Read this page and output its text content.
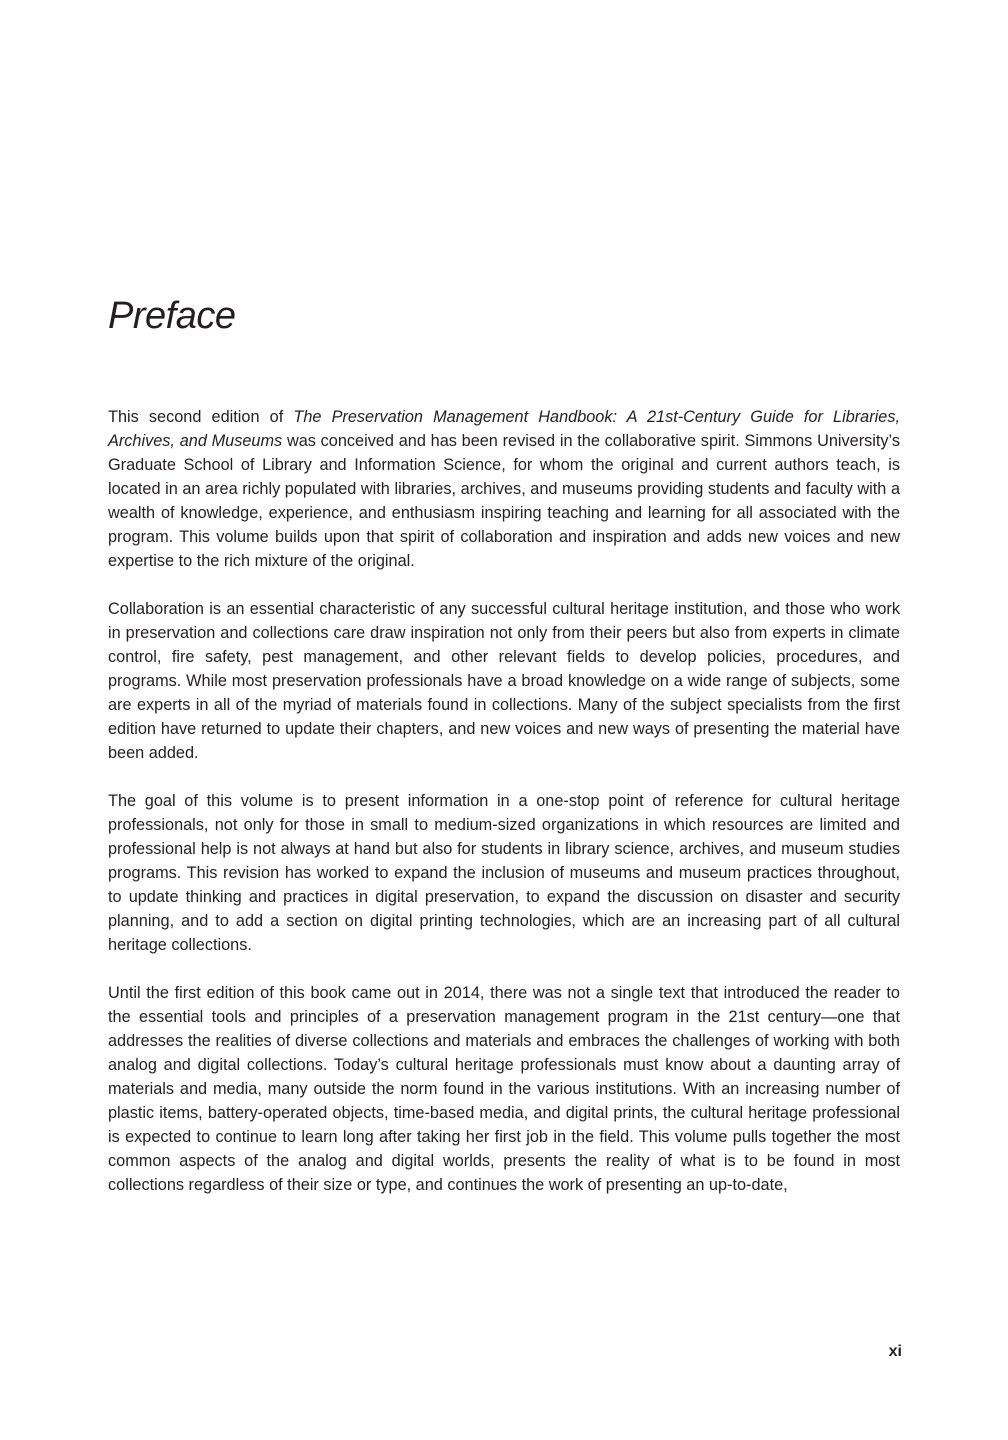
Preface

This second edition of The Preservation Management Handbook: A 21st-Century Guide for Libraries, Archives, and Museums was conceived and has been revised in the collaborative spirit. Simmons University’s Graduate School of Library and Information Science, for whom the original and current authors teach, is located in an area richly populated with libraries, archives, and museums providing students and faculty with a wealth of knowledge, experience, and enthusiasm inspiring teaching and learning for all associated with the program. This volume builds upon that spirit of collaboration and inspiration and adds new voices and new expertise to the rich mixture of the original.

Collaboration is an essential characteristic of any successful cultural heritage institution, and those who work in preservation and collections care draw inspiration not only from their peers but also from experts in climate control, fire safety, pest management, and other relevant fields to develop policies, procedures, and programs. While most preservation professionals have a broad knowledge on a wide range of subjects, some are experts in all of the myriad of materials found in collections. Many of the subject specialists from the first edition have returned to update their chapters, and new voices and new ways of presenting the material have been added.

The goal of this volume is to present information in a one-stop point of reference for cultural heritage professionals, not only for those in small to medium-sized organizations in which resources are limited and professional help is not always at hand but also for students in library science, archives, and museum studies programs. This revision has worked to expand the inclusion of museums and museum practices throughout, to update thinking and practices in digital preservation, to expand the discussion on disaster and security planning, and to add a section on digital printing technologies, which are an increasing part of all cultural heritage collections.

Until the first edition of this book came out in 2014, there was not a single text that introduced the reader to the essential tools and principles of a preservation management program in the 21st century—one that addresses the realities of diverse collections and materials and embraces the challenges of working with both analog and digital collections. Today’s cultural heritage professionals must know about a daunting array of materials and media, many outside the norm found in the various institutions. With an increasing number of plastic items, battery-operated objects, time-based media, and digital prints, the cultural heritage professional is expected to continue to learn long after taking her first job in the field. This volume pulls together the most common aspects of the analog and digital worlds, presents the reality of what is to be found in most collections regardless of their size or type, and continues the work of presenting an up-to-date,

xi
